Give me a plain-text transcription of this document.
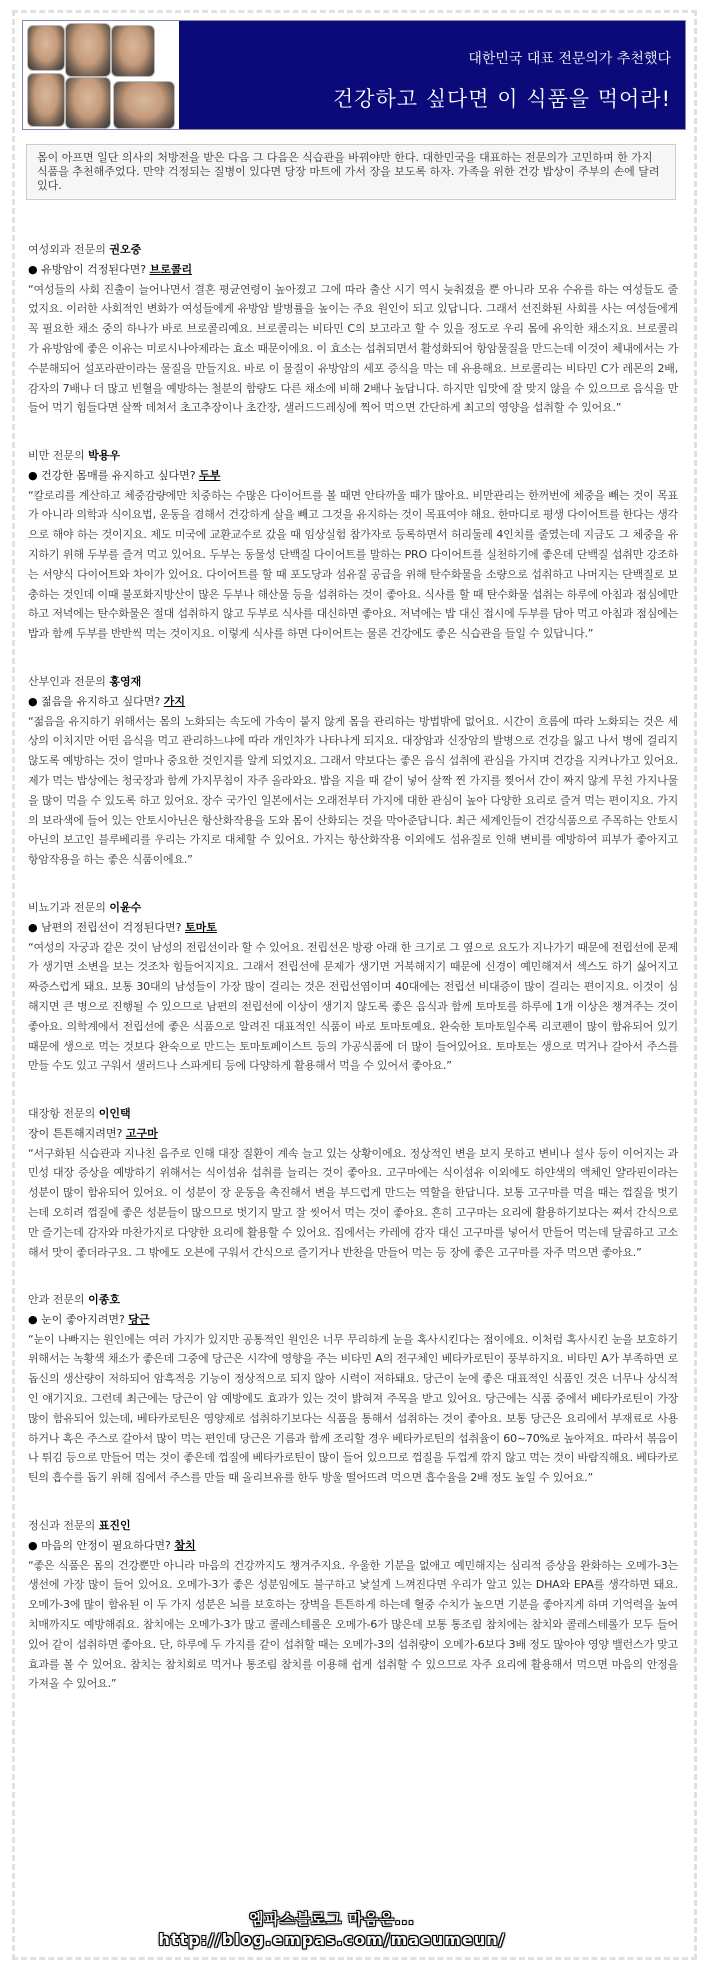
대한민국 대표 전문의가 추천했다
건강하고 싶다면 이 식품을 먹어라!
몸이 아프면 일단 의사의 처방전을 받은 다음 그 다음은 식습관을 바꿔야만 한다. 대한민국을 대표하는 전문의가 고민하며 한 가지 식품을 추천해주었다. 만약 걱정되는 질병이 있다면 당장 마트에 가서 장을 보도록 하자. 가족을 위한 건강 밥상이 주부의 손에 달려 있다.
여성외과 전문의 권오중
● 유방암이 걱정된다면? 브로콜리
“여성들의 사회 진출이 늘어나면서 결혼 평균연령이 높아졌고 그에 따라 출산 시기 역시 늦춰졌을 뿐 아니라 모유 수유를 하는 여성들도 줄었지요. 이러한 사회적인 변화가 여성들에게 유방암 발병률을 높이는 주요 원인이 되고 있답니다. 그래서 선진화된 사회를 사는 여성들에게 꼭 필요한 채소 중의 하나가 바로 브로콜리예요. 브로콜리는 비타민 C의 보고라고 할 수 있을 정도로 우리 몸에 유익한 채소지요. 브로콜리가 유방암에 좋은 이유는 미로시나아제라는 효소 때문이에요. 이 효소는 섭취되면서 활성화되어 항암물질을 만드는데 이것이 체내에서는 가수분해되어 설포라판이라는 물질을 만들지요. 바로 이 물질이 유방암의 세포 증식을 막는 데 유용해요. 브로콜리는 비타민 C가 레몬의 2배, 감자의 7배나 더 많고 빈혈을 예방하는 철분의 함량도 다른 채소에 비해 2배나 높답니다. 하지만 입맛에 잘 맞지 않을 수 있으므로 음식을 만들어 먹기 힘들다면 살짝 데쳐서 초고추장이나 초간장, 샐러드드레싱에 찍어 먹으면 간단하게 최고의 영양을 섭취할 수 있어요.”
비만 전문의 박용우
● 건강한 몸매를 유지하고 싶다면? 두부
“칼로리를 계산하고 체중감량에만 치중하는 수많은 다이어트를 볼 때면 안타까울 때가 많아요. 비만관리는 한꺼번에 체중을 빼는 것이 목표가 아니라 의학과 식이요법, 운동을 겸해서 건강하게 살을 빼고 그것을 유지하는 것이 목표여야 해요. 한마디로 평생 다이어트를 한다는 생각으로 해야 하는 것이지요. 제도 미국에 교환교수로 갔을 때 임상실험 참가자로 등록하면서 허리둘레 4인치를 줄였는데 지금도 그 체중을 유지하기 위해 두부를 즐겨 먹고 있어요. 두부는 동물성 단백질 다이어트를 말하는 PRO 다이어트를 실천하기에 좋은데 단백질 섭취만 강조하는 서양식 다이어트와 차이가 있어요. 다이어트를 할 때 포도당과 섬유질 공급을 위해 탄수화물을 소량으로 섭취하고 나머지는 단백질로 보충하는 것인데 이때 불포화지방산이 많은 두부나 해산물 등을 섭취하는 것이 좋아요. 식사를 할 때 탄수화물 섭취는 하루에 아침과 점심에만 하고 저녁에는 탄수화물은 절대 섭취하지 않고 두부로 식사를 대신하면 좋아요. 저녁에는 밥 대신 접시에 두부를 담아 먹고 아침과 점심에는 밥과 함께 두부를 반반씩 먹는 것이지요. 이렇게 식사를 하면 다이어트는 물론 건강에도 좋은 식습관을 들일 수 있답니다.”
산부인과 전문의 홍영재
● 젊음을 유지하고 싶다면? 가지
“젊음을 유지하기 위해서는 몸의 노화되는 속도에 가속이 붙지 않게 몸을 관리하는 방법밖에 없어요. 시간이 흐름에 따라 노화되는 것은 세상의 이치지만 어떤 음식을 먹고 관리하느냐에 따라 개인차가 나타나게 되지요. 대장암과 신장암의 발병으로 건강을 잃고 나서 병에 걸리지 않도록 예방하는 것이 얼마나 중요한 것인지를 알게 되었지요. 그래서 약보다는 좋은 음식 섭취에 관심을 가지며 건강을 지켜나가고 있어요. 제가 먹는 밥상에는 청국장과 함께 가지무침이 자주 올라와요. 밥을 지을 때 같이 넣어 살짝 찐 가지를 찢어서 간이 짜지 않게 무친 가지나물을 많이 먹을 수 있도록 하고 있어요. 장수 국가인 일본에서는 오래전부터 가지에 대한 관심이 높아 다양한 요리로 즐겨 먹는 편이지요. 가지의 보라색에 들어 있는 안토시아닌은 항산화작용을 도와 몸이 산화되는 것을 막아준답니다. 최근 세계인들이 건강식품으로 주목하는 안토시아닌의 보고인 블루베리를 우리는 가지로 대체할 수 있어요. 가지는 항산화작용 이외에도 섬유질로 인해 변비를 예방하여 피부가 좋아지고 항암작용을 하는 좋은 식품이에요.”
비뇨기과 전문의 이윤수
● 남편의 전립선이 걱정된다면? 토마토
“여성의 자궁과 같은 것이 남성의 전립선이라 할 수 있어요. 전립선은 방광 아래 한 크기로 그 옆으로 요도가 지나가기 때문에 전립선에 문제가 생기면 소변을 보는 것조차 힘들어지지요. 그래서 전립선에 문제가 생기면 거북해지기 때문에 신경이 예민해져서 섹스도 하기 싫어지고 짜증스럽게 돼요. 보통 30대의 남성들이 가장 많이 걸리는 것은 전립선염이며 40대에는 전립선 비대증이 많이 걸리는 편이지요. 이것이 심해지면 큰 병으로 진행될 수 있으므로 남편의 전립선에 이상이 생기지 않도록 좋은 음식과 함께 토마토를 하루에 1개 이상은 챙겨주는 것이 좋아요. 의학계에서 전립선에 좋은 식품으로 알려진 대표적인 식품이 바로 토마토예요. 완숙한 토마토일수록 리코펜이 많이 함유되어 있기 때문에 생으로 먹는 것보다 완숙으로 만드는 토마토페이스트 등의 가공식품에 더 많이 들어있어요. 토마토는 생으로 먹거나 갈아서 주스를 만들 수도 있고 구워서 샐러드나 스파게티 등에 다양하게 활용해서 먹을 수 있어서 좋아요.”
대장항 전문의 이인택
장이 튼튼해지려면? 고구마
“서구화된 식습관과 지나친 음주로 인해 대장 질환이 계속 늘고 있는 상황이에요. 정상적인 변을 보지 못하고 변비나 설사 등이 이어지는 과민성 대장 증상을 예방하기 위해서는 식이섬유 섭취를 늘리는 것이 좋아요. 고구마에는 식이섬유 이외에도 하얀색의 액체인 얄라핀이라는 성분이 많이 함유되어 있어요. 이 성분이 장 운동을 촉진해서 변을 부드럽게 만드는 역할을 한답니다. 보통 고구마를 먹을 때는 껍질을 벗기는데 오히려 껍질에 좋은 성분들이 많으므로 벗기지 말고 잘 씻어서 먹는 것이 좋아요. 흔히 고구마는 요리에 활용하기보다는 쪄서 간식으로만 즐기는데 감자와 마찬가지로 다양한 요리에 활용할 수 있어요. 집에서는 카레에 감자 대신 고구마를 넣어서 만들어 먹는데 달콤하고 고소해서 맛이 좋더라구요. 그 밖에도 오븐에 구워서 간식으로 즐기거나 반찬을 만들어 먹는 등 장에 좋은 고구마를 자주 먹으면 좋아요.”
안과 전문의 이종호
● 눈이 좋아지려면? 당근
“눈이 나빠지는 원인에는 여러 가지가 있지만 공통적인 원인은 너무 무리하게 눈을 혹사시킨다는 점이에요. 이처럼 혹사시킨 눈을 보호하기 위해서는 녹황색 채소가 좋은데 그중에 당근은 시각에 영향을 주는 비타민 A의 전구체인 베타카로틴이 풍부하지요. 비타민 A가 부족하면 로돕신의 생산량이 저하되어 암흑적응 기능이 정상적으로 되지 않아 시력이 저하돼요. 당근이 눈에 좋은 대표적인 식품인 것은 너무나 상식적인 얘기지요. 그런데 최근에는 당근이 암 예방에도 효과가 있는 것이 밝혀져 주목을 받고 있어요. 당근에는 식품 중에서 베타카로틴이 가장 많이 함유되어 있는데, 베타카로틴은 영양제로 섭취하기보다는 식품을 통해서 섭취하는 것이 좋아요. 보통 당근은 요리에서 부재료로 사용하거나 혹은 주스로 갈아서 많이 먹는 편인데 당근은 기름과 함께 조리할 경우 베타카로틴의 섭취율이 60~70%로 높아져요. 따라서 볶음이나 튀김 등으로 만들어 먹는 것이 좋은데 껍질에 베타카로틴이 많이 들어 있으므로 껍질을 두껍게 깎지 않고 먹는 것이 바람직해요. 베타카로틴의 흡수를 돕기 위해 집에서 주스를 만들 때 올리브유를 한두 방울 떨어뜨려 먹으면 흡수율을 2배 정도 높일 수 있어요.”
정신과 전문의 표진인
● 마음의 안정이 필요하다면? 참치
“좋은 식품은 몸의 건강뿐만 아니라 마음의 건강까지도 챙겨주지요. 우울한 기분을 없애고 예민해지는 심리적 증상을 완화하는 오메가-3는 생선에 가장 많이 들어 있어요. 오메가-3가 좋은 성분임에도 불구하고 낯설게 느껴진다면 우리가 알고 있는 DHA와 EPA를 생각하면 돼요. 오메가-3에 많이 함유된 이 두 가지 성분은 뇌를 보호하는 장벽을 튼튼하게 하는데 혈중 수치가 높으면 기분을 좋아지게 하며 기억력을 높여 치매까지도 예방해줘요. 참치에는 오메가-3가 많고 콜레스테롤은 오메가-6가 많은데 보통 통조림 참치에는 참치와 콜레스테롤가 모두 들어 있어 같이 섭취하면 좋아요. 단, 하루에 두 가지를 같이 섭취할 때는 오메가-3의 섭취량이 오메가-6보다 3배 정도 많아야 영양 밸런스가 맞고 효과를 볼 수 있어요. 참치는 참치회로 먹거나 통조림 참치를 이용해 쉽게 섭취할 수 있으므로 자주 요리에 활용해서 먹으면 마음의 안정을 가져올 수 있어요.”
엠파스블로그 마음은...
http://blog.empas.com/maeumeun/
